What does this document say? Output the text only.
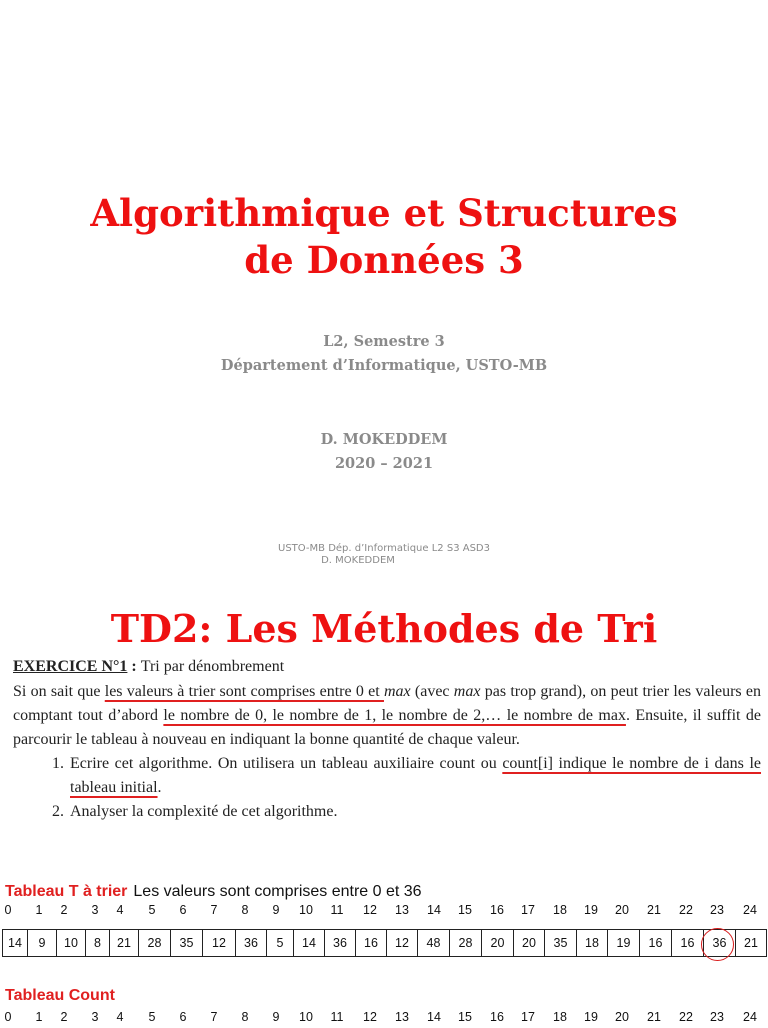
Algorithmique et Structures
de Données 3
L2, Semestre 3
Département d’Informatique, USTO-MB
D. MOKEDDEM
2020 – 2021
USTO-MB Dép. d’Informatique L2 S3 ASD3
D. MOKEDDEM
TD2: Les Méthodes de Tri

EXERCICE N°1 : Tri par dénombrement

Si on sait que les valeurs à trier sont comprises entre 0 et max (avec max pas trop grand), on peut trier les valeurs en comptant tout d’abord le nombre de 0, le nombre de 1, le nombre de 2,… le nombre de max. Ensuite, il suffit de parcourir le tableau à nouveau en indiquant la bonne quantité de chaque valeur.

1. Ecrire cet algorithme. On utilisera un tableau auxiliaire count ou count[i] indique le nombre de i dans le tableau initial.
2. Analyser la complexité de cet algorithme.
Tableau T à trier Les valeurs sont comprises entre 0 et 36
0 1 2 3 4 5 6 7 8 9 10 11 12 13 14 15 16 17 18 19 20 21 22 23 24
14	9	10	8	21	28	35	12	36	5	14	36	16	12	48	28	20	20	35	18	19	16	16	36	21
Tableau Count
0 1 2 3 4 5 6 7 8 9 10 11 12 13 14 15 16 17 18 19 20 21 22 23 24
